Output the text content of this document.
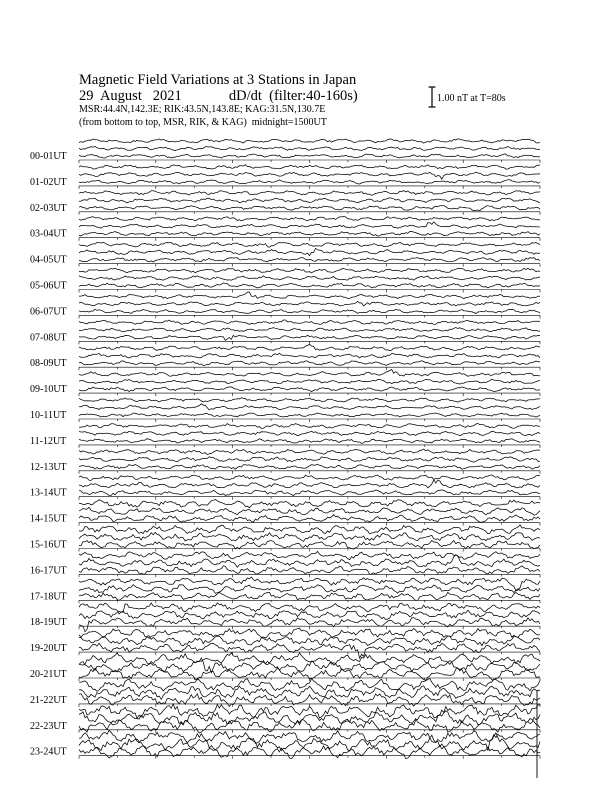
Magnetic Field Variations at 3 Stations in Japan
29 August 2021	dD/dt (filter:40-160s)
MSR:44.4N,142.3E; RIK:43.5N,143.8E; KAG:31.5N,130.7E
(from bottom to top, MSR, RIK, & KAG) midnight=1500UT
1.00 nT at T=80s
00-01UT
01-02UT
02-03UT
03-04UT
04-05UT
05-06UT
06-07UT
07-08UT
08-09UT
09-10UT
10-11UT
11-12UT
12-13UT
13-14UT
14-15UT
15-16UT
16-17UT
17-18UT
18-19UT
19-20UT
20-21UT
21-22UT
22-23UT
23-24UT
